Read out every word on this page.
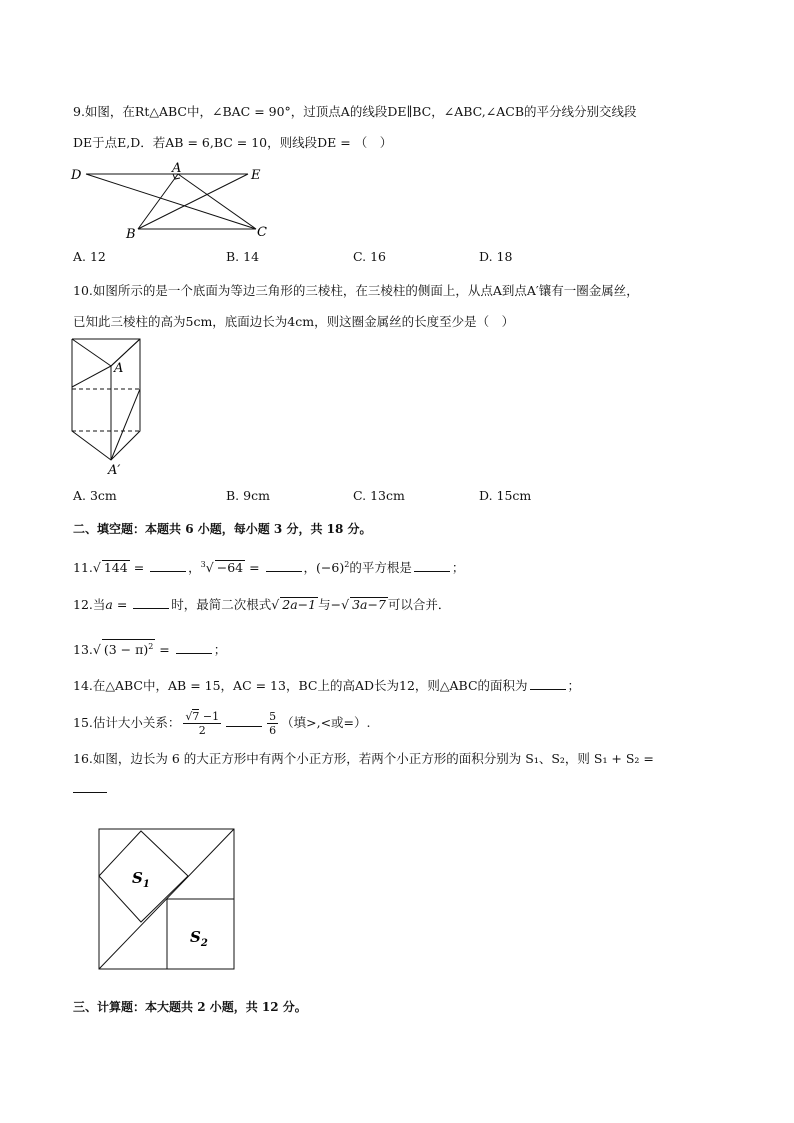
9.如图，在Rt△ABC中，∠BAC = 90°，过顶点A的线段DE∥BC，∠ABC,∠ACB的平分线分别交线段
DE于点E,D．若AB = 6,BC = 10，则线段DE = （　）
D	A	E
B	C
A. 12	B. 14	C. 16	D. 18
10.如图所示的是一个底面为等边三角形的三棱柱，在三棱柱的侧面上，从点A到点A′镶有一圈金属丝，
已知此三棱柱的高为5cm，底面边长为4cm，则这圈金属丝的长度至少是（　）
A
A′
A. 3cm	B. 9cm	C. 13cm	D. 15cm
二、填空题：本题共 6 小题，每小题 3 分，共 18 分。
11.√ 144 =	，$^3$√ −64 =	，$(-6)^2$的平方根是	；
12.当a =	时，最简二次根式√ 2a−1 与−√ 3a−7 可以合并．
13.√ $(3 - \pi)^2$ =	；
14.在△ABC中，AB = 15，AC = 13，BC上的高AD长为12，则△ABC的面积为	；
15.估计大小关系： $\frac{√7 -1}{2}$	$\frac{5}{6}$ （填>,<或=）.
16.如图，边长为 6 的大正方形中有两个小正方形，若两个小正方形的面积分别为 S₁、S₂，则 S₁ + S₂ =
$S_1$
$S_2$
三、计算题：本大题共 2 小题，共 12 分。
